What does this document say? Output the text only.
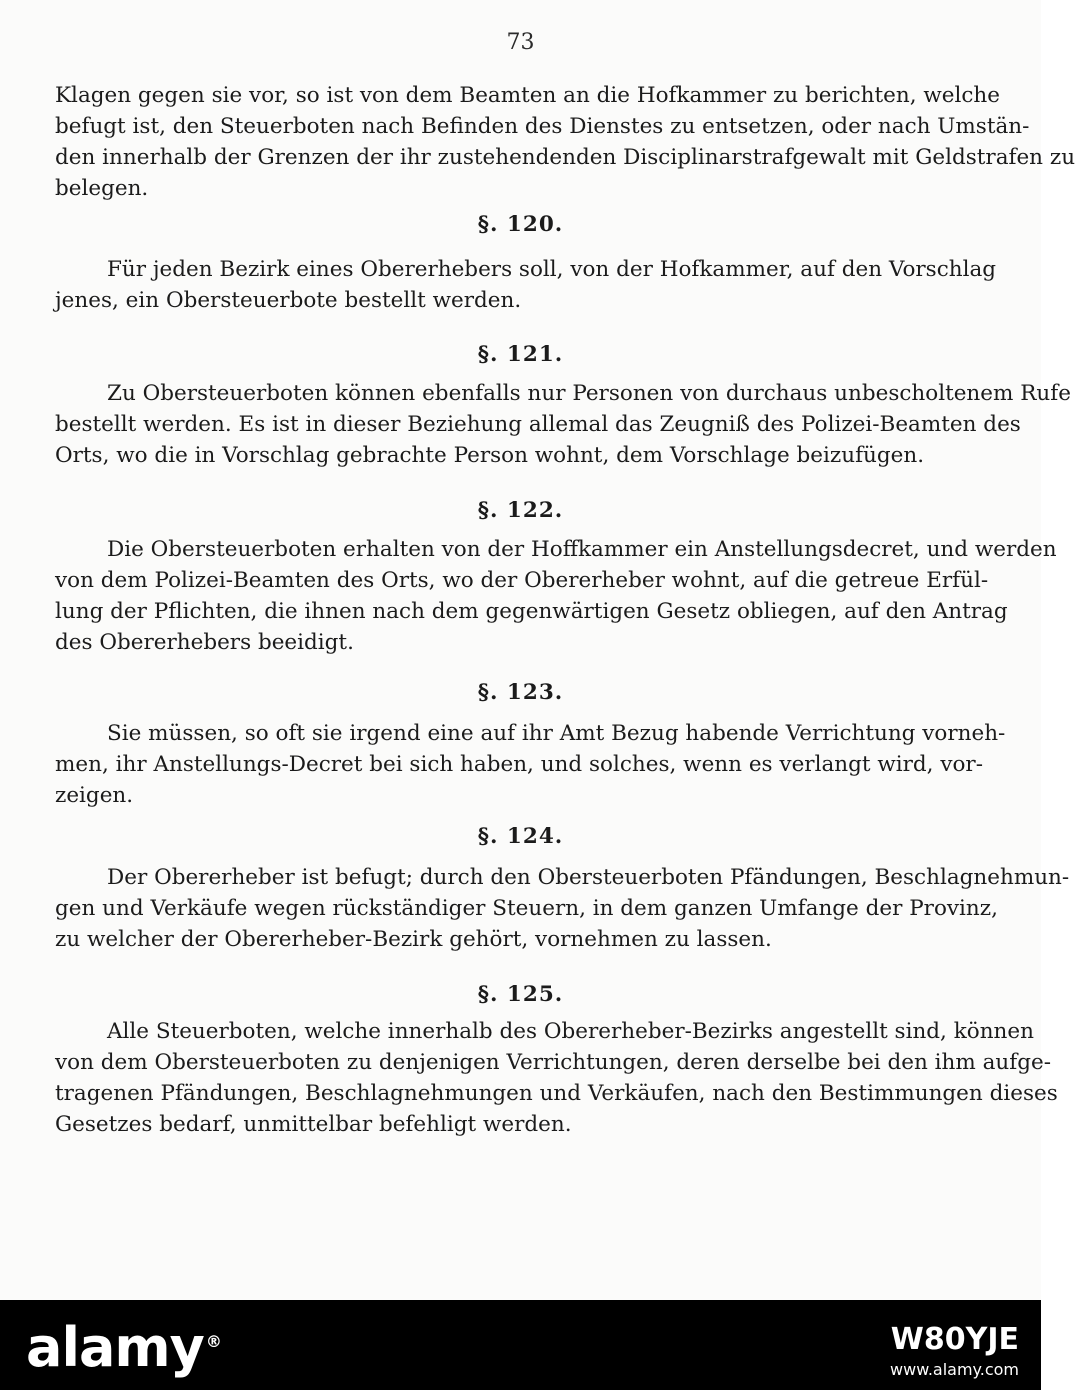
73
Klagen gegen sie vor, so ist von dem Beamten an die Hofkammer zu berichten, welche
befugt ist, den Steuerboten nach Befinden des Dienstes zu entsetzen, oder nach Umstän-
den innerhalb der Grenzen der ihr zustehendenden Disciplinarstrafgewalt mit Geldstrafen zu
belegen.
§. 120.
Für jeden Bezirk eines Obererhebers soll, von der Hofkammer, auf den Vorschlag
jenes, ein Obersteuerbote bestellt werden.
§. 121.
Zu Obersteuerboten können ebenfalls nur Personen von durchaus unbescholtenem Rufe
bestellt werden. Es ist in dieser Beziehung allemal das Zeugniß des Polizei-Beamten des
Orts, wo die in Vorschlag gebrachte Person wohnt, dem Vorschlage beizufügen.
§. 122.
Die Obersteuerboten erhalten von der Hoffkammer ein Anstellungsdecret, und werden
von dem Polizei-Beamten des Orts, wo der Obererheber wohnt, auf die getreue Erfül-
lung der Pflichten, die ihnen nach dem gegenwärtigen Gesetz obliegen, auf den Antrag
des Obererhebers beeidigt.
§. 123.
Sie müssen, so oft sie irgend eine auf ihr Amt Bezug habende Verrichtung vorneh-
men, ihr Anstellungs-Decret bei sich haben, und solches, wenn es verlangt wird, vor-
zeigen.
§. 124.
Der Obererheber ist befugt; durch den Obersteuerboten Pfändungen, Beschlagnehmun-
gen und Verkäufe wegen rückständiger Steuern, in dem ganzen Umfange der Provinz,
zu welcher der Obererheber-Bezirk gehört, vornehmen zu lassen.
§. 125.
Alle Steuerboten, welche innerhalb des Obererheber-Bezirks angestellt sind, können
von dem Obersteuerboten zu denjenigen Verrichtungen, deren derselbe bei den ihm aufge-
tragenen Pfändungen, Beschlagnehmungen und Verkäufen, nach den Bestimmungen dieses
Gesetzes bedarf, unmittelbar befehligt werden.
alamy ®	W80YJE
www.alamy.com
